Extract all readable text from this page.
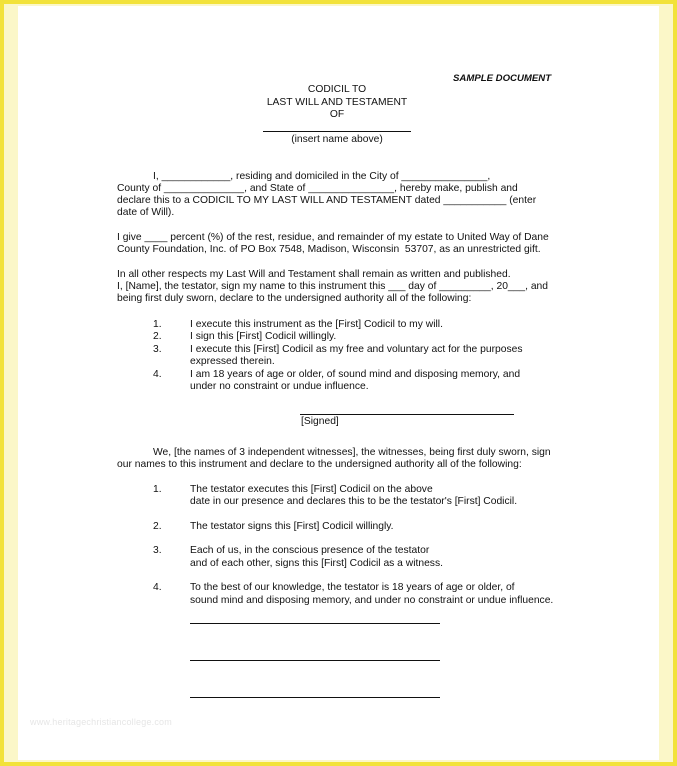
SAMPLE DOCUMENT
CODICIL TO
LAST WILL AND TESTAMENT
OF
(insert name above)
I, ____________, residing and domiciled in the City of _______________,
County of ______________, and State of _______________, hereby make, publish and
declare this to a CODICIL TO MY LAST WILL AND TESTAMENT dated ___________ (enter
date of Will).
I give ____ percent (%) of the rest, residue, and remainder of my estate to United Way of Dane
County Foundation, Inc. of PO Box 7548, Madison, Wisconsin  53707, as an unrestricted gift.
In all other respects my Last Will and Testament shall remain as written and published.
I, [Name], the testator, sign my name to this instrument this ___ day of _________, 20___, and
being first duly sworn, declare to the undersigned authority all of the following:
1.	I execute this instrument as the [First] Codicil to my will.
2.	I sign this [First] Codicil willingly.
3.	I execute this [First] Codicil as my free and voluntary act for the purposes
expressed therein.
4.	I am 18 years of age or older, of sound mind and disposing memory, and
under no constraint or undue influence.
[Signed]
We, [the names of 3 independent witnesses], the witnesses, being first duly sworn, sign
our names to this instrument and declare to the undersigned authority all of the following:
1.	The testator executes this [First] Codicil on the above
date in our presence and declares this to be the testator's [First] Codicil.
2.	The testator signs this [First] Codicil willingly.
3.	Each of us, in the conscious presence of the testator
and of each other, signs this [First] Codicil as a witness.
4.	To the best of our knowledge, the testator is 18 years of age or older, of
sound mind and disposing memory, and under no constraint or undue influence.
www.heritagechristiancollege.com
